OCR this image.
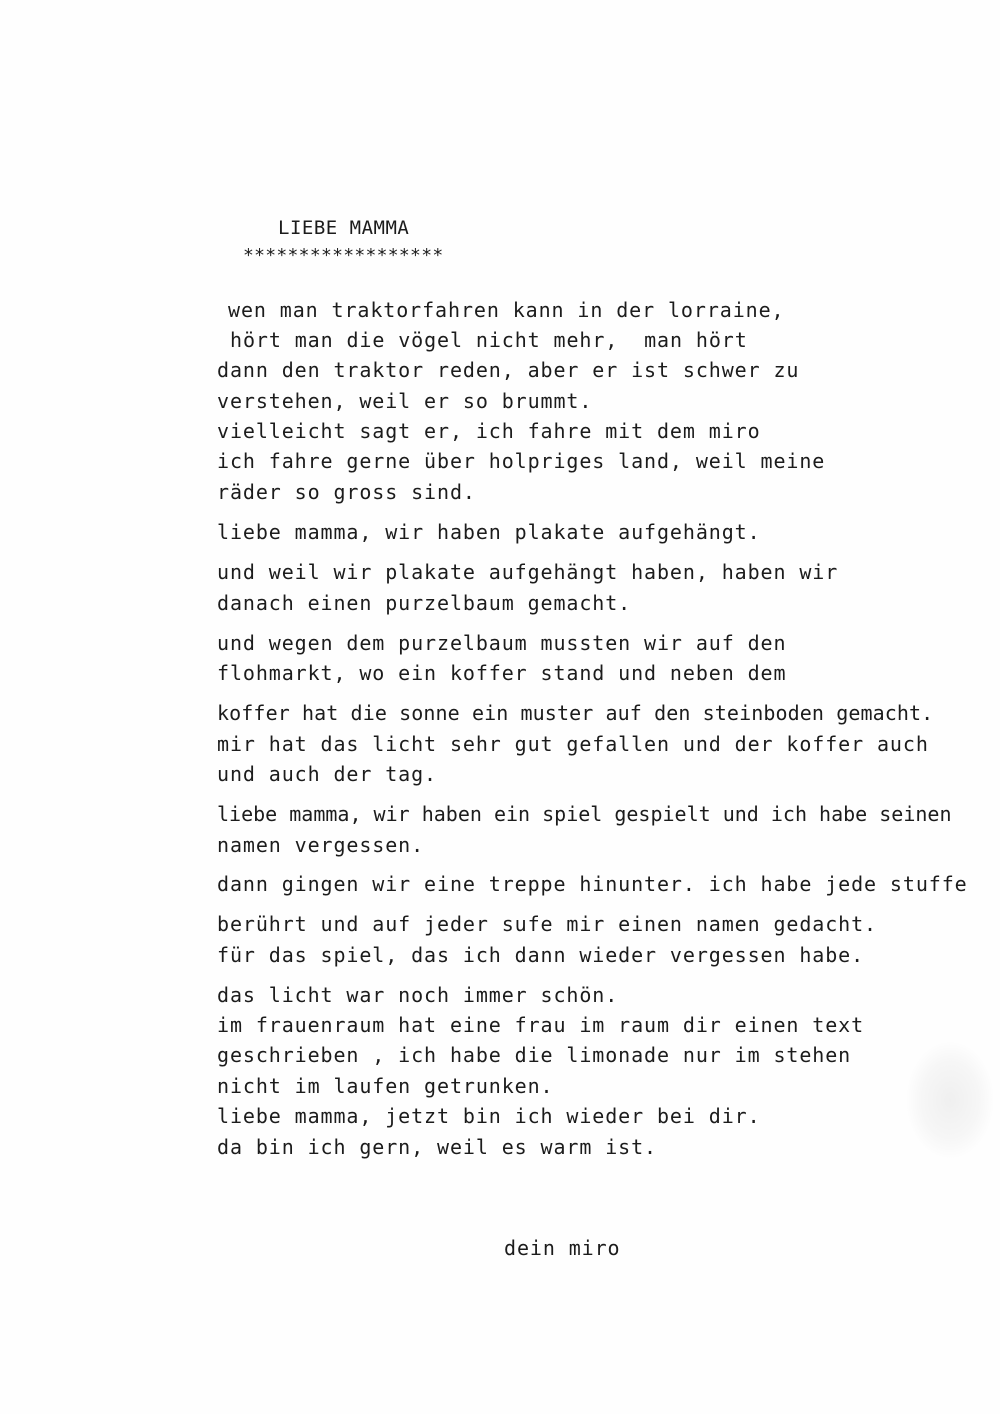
LIEBE MAMMA

******************

wen man traktorfahren kann in der lorraine,

hört man die vögel nicht mehr,  man hört

dann den traktor reden, aber er ist schwer zu

verstehen, weil er so brummt.

vielleicht sagt er, ich fahre mit dem miro

ich fahre gerne über holpriges land, weil meine

räder so gross sind.

liebe mamma, wir haben plakate aufgehängt.

und weil wir plakate aufgehängt haben, haben wir

danach einen purzelbaum gemacht.

und wegen dem purzelbaum mussten wir auf den

flohmarkt, wo ein koffer stand und neben dem

koffer hat die sonne ein muster auf den steinboden gemacht.

mir hat das licht sehr gut gefallen und der koffer auch

und auch der tag.

liebe mamma, wir haben ein spiel gespielt und ich habe seinen

namen vergessen.

dann gingen wir eine treppe hinunter. ich habe jede stuffe

berührt und auf jeder sufe mir einen namen gedacht.

für das spiel, das ich dann wieder vergessen habe.

das licht war noch immer schön.

im frauenraum hat eine frau im raum dir einen text

geschrieben , ich habe die limonade nur im stehen

nicht im laufen getrunken.

liebe mamma, jetzt bin ich wieder bei dir.

da bin ich gern, weil es warm ist.

dein miro
